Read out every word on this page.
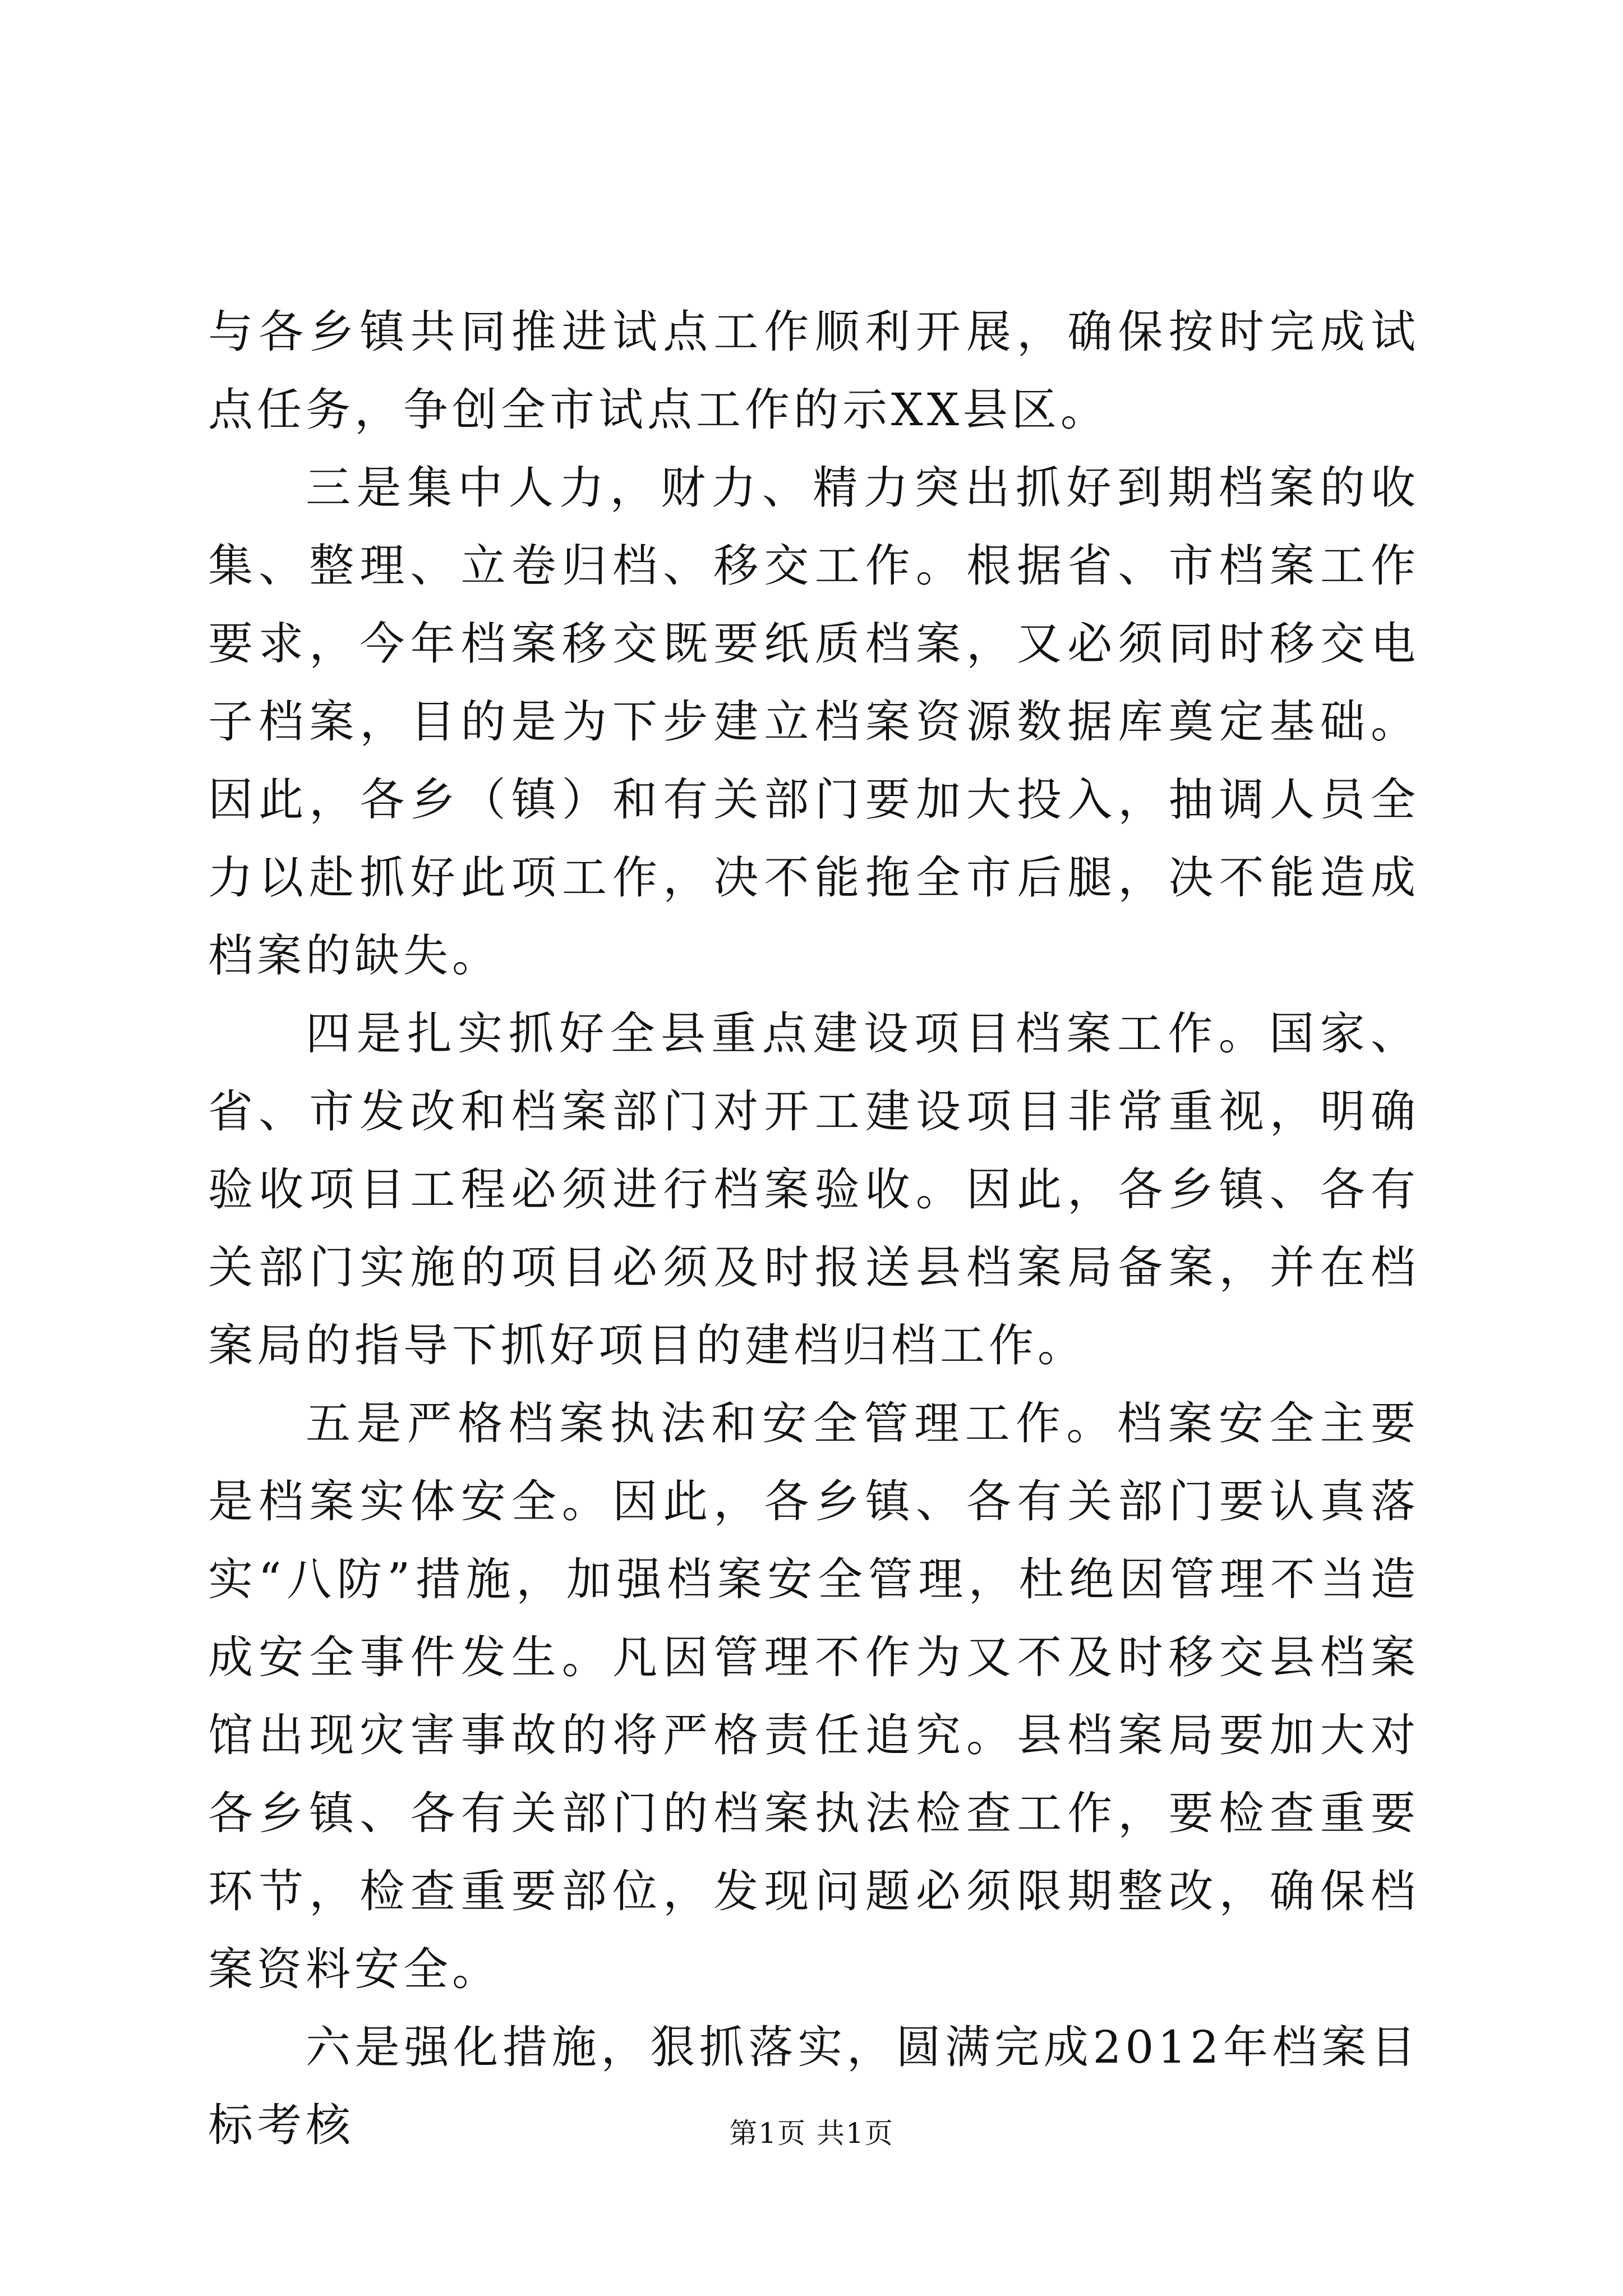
与各乡镇共同推进试点工作顺利开展，确保按时完成试点任务，争创全市试点工作的示XX县区。

三是集中人力，财力、精力突出抓好到期档案的收集、整理、立卷归档、移交工作。根据省、市档案工作要求，今年档案移交既要纸质档案，又必须同时移交电子档案，目的是为下步建立档案资源数据库奠定基础。因此，各乡（镇）和有关部门要加大投入，抽调人员全力以赴抓好此项工作，决不能拖全市后腿，决不能造成档案的缺失。

四是扎实抓好全县重点建设项目档案工作。国家、省、市发改和档案部门对开工建设项目非常重视，明确验收项目工程必须进行档案验收。因此，各乡镇、各有关部门实施的项目必须及时报送县档案局备案，并在档案局的指导下抓好项目的建档归档工作。

五是严格档案执法和安全管理工作。档案安全主要是档案实体安全。因此，各乡镇、各有关部门要认真落实“八防”措施，加强档案安全管理，杜绝因管理不当造成安全事件发生。凡因管理不作为又不及时移交县档案馆出现灾害事故的将严格责任追究。县档案局要加大对各乡镇、各有关部门的档案执法检查工作，要检查重要环节，检查重要部位，发现问题必须限期整改，确保档案资料安全。

六是强化措施，狠抓落实，圆满完成2012年档案目标考核	第1页 共1页
